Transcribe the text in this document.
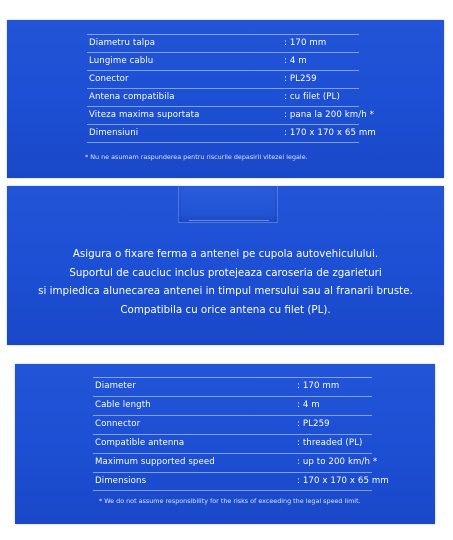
Diametru talpa	: 170 mm
Lungime cablu	: 4 m
Conector	: PL259
Antena compatibila	: cu filet (PL)
Viteza maxima suportata	: pana la 200 km/h *
Dimensiuni	: 170 x 170 x 65 mm
* Nu ne asumam raspunderea pentru riscurile depasirii vitezei legale.
Asigura o fixare ferma a antenei pe cupola autovehiculului.
Suportul de cauciuc inclus protejeaza caroseria de zgarieturi
si impiedica alunecarea antenei in timpul mersului sau al franarii bruste.
Compatibila cu orice antena cu filet (PL).
Diameter	: 170 mm
Cable length	: 4 m
Connector	: PL259
Compatible antenna	: threaded (PL)
Maximum supported speed	: up to 200 km/h *
Dimensions	: 170 x 170 x 65 mm
* We do not assume responsibility for the risks of exceeding the legal speed limit.
